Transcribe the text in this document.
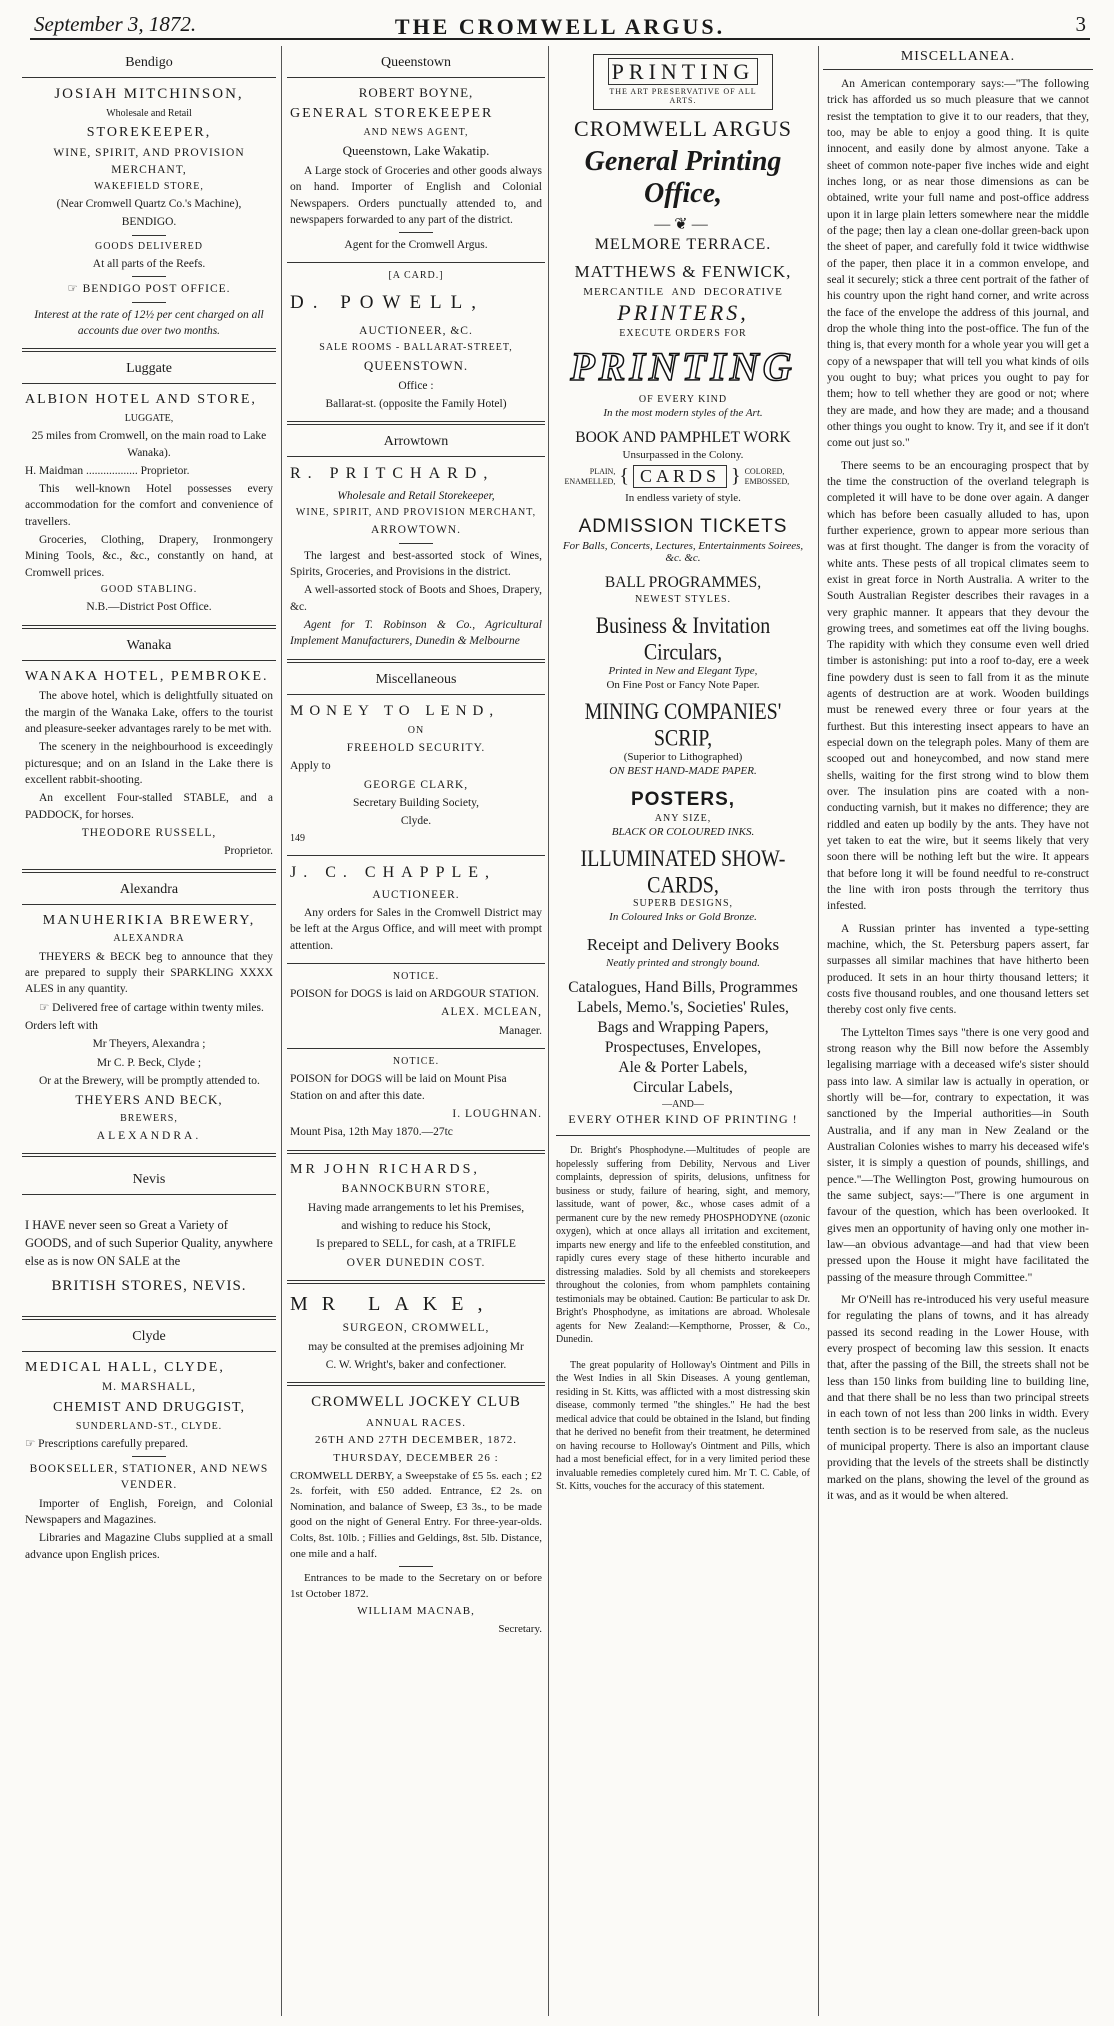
September 3, 1872.	THE CROMWELL ARGUS.	3
Bendigo

JOSIAH MITCHINSON,

Wholesale and Retail

STOREKEEPER,

WINE, SPIRIT, AND PROVISION MERCHANT,

WAKEFIELD STORE,

(Near Cromwell Quartz Co.'s Machine),

BENDIGO.

GOODS DELIVERED

At all parts of the Reefs.

☞ BENDIGO POST OFFICE.

Interest at the rate of 12½ per cent charged on all accounts due over two months.

Luggate

ALBION HOTEL AND STORE,

LUGGATE,

25 miles from Cromwell, on the main road to Lake Wanaka).

H. Maidman .................. Proprietor.

This well-known Hotel possesses every accommodation for the comfort and convenience of travellers.

Groceries, Clothing, Drapery, Ironmongery Mining Tools, &c., &c., constantly on hand, at Cromwell prices.

GOOD STABLING.

N.B.—District Post Office.

Wanaka

WANAKA HOTEL, PEMBROKE.

The above hotel, which is delightfully situated on the margin of the Wanaka Lake, offers to the tourist and pleasure-seeker advantages rarely to be met with.

The scenery in the neighbourhood is exceedingly picturesque; and on an Island in the Lake there is excellent rabbit-shooting.

An excellent Four-stalled STABLE, and a PADDOCK, for horses.

THEODORE RUSSELL,

Proprietor.

Alexandra

MANUHERIKIA BREWERY,

ALEXANDRA

THEYERS & BECK beg to announce that they are prepared to supply their SPARKLING XXXX ALES in any quantity.

☞ Delivered free of cartage within twenty miles.

Orders left with

Mr Theyers, Alexandra ;

Mr C. P. Beck, Clyde ;

Or at the Brewery, will be promptly attended to.

THEYERS AND BECK,

BREWERS,

ALEXANDRA.

Nevis

I HAVE never seen so Great a Variety of GOODS, and of such Superior Quality, anywhere else as is now ON SALE at the

BRITISH STORES, NEVIS.

Clyde

MEDICAL HALL, CLYDE,

M. MARSHALL,

CHEMIST AND DRUGGIST,

SUNDERLAND-ST., CLYDE.

☞ Prescriptions carefully prepared.

BOOKSELLER, STATIONER, AND NEWS VENDER.

Importer of English, Foreign, and Colonial Newspapers and Magazines.

Libraries and Magazine Clubs supplied at a small advance upon English prices.

Queenstown

ROBERT BOYNE,

GENERAL STOREKEEPER

AND NEWS AGENT,

Queenstown, Lake Wakatip.

A Large stock of Groceries and other goods always on hand. Importer of English and Colonial Newspapers. Orders punctually attended to, and newspapers forwarded to any part of the district.

Agent for the Cromwell Argus.

[A CARD.]

D. POWELL,

AUCTIONEER, &C.

SALE ROOMS - BALLARAT-STREET,

QUEENSTOWN.

Office :

Ballarat-st. (opposite the Family Hotel)

Arrowtown

R. PRITCHARD,

Wholesale and Retail Storekeeper,

WINE, SPIRIT, AND PROVISION MERCHANT,

ARROWTOWN.

The largest and best-assorted stock of Wines, Spirits, Groceries, and Provisions in the district.

A well-assorted stock of Boots and Shoes, Drapery, &c.

Agent for T. Robinson & Co., Agricultural Implement Manufacturers, Dunedin & Melbourne

Miscellaneous

MONEY TO LEND,

ON

FREEHOLD SECURITY.

Apply to

GEORGE CLARK,

Secretary Building Society,

Clyde.

149

J. C. CHAPPLE,

AUCTIONEER.

Any orders for Sales in the Cromwell District may be left at the Argus Office, and will meet with prompt attention.

NOTICE.

POISON for DOGS is laid on ARDGOUR STATION.

ALEX. MCLEAN,

Manager.

NOTICE.

POISON for DOGS will be laid on Mount Pisa Station on and after this date.

I. LOUGHNAN.

Mount Pisa, 12th May 1870.—27tc

MR JOHN RICHARDS,

BANNOCKBURN STORE,

Having made arrangements to let his Premises,

and wishing to reduce his Stock,

Is prepared to SELL, for cash, at a TRIFLE

OVER DUNEDIN COST.

MR LAKE,

SURGEON, CROMWELL,

may be consulted at the premises adjoining Mr

C. W. Wright's, baker and confectioner.

CROMWELL JOCKEY CLUB

ANNUAL RACES.

26TH AND 27TH DECEMBER, 1872.

THURSDAY, DECEMBER 26 :

CROMWELL DERBY, a Sweepstake of £5 5s. each ; £2 2s. forfeit, with £50 added. Entrance, £2 2s. on Nomination, and balance of Sweep, £3 3s., to be made good on the night of General Entry. For three-year-olds. Colts, 8st. 10lb. ; Fillies and Geldings, 8st. 5lb. Distance, one mile and a half.

Entrances to be made to the Secretary on or before 1st October 1872.

WILLIAM MACNAB,

Secretary.

PRINTING

THE ART PRESERVATIVE OF ALL ARTS.

CROMWELL ARGUS

General Printing Office,

—❦—

MELMORE TERRACE.

MATTHEWS & FENWICK,

MERCANTILE AND DECORATIVE

PRINTERS,

EXECUTE ORDERS FOR

PRINTING

OF EVERY KIND

In the most modern styles of the Art.

BOOK AND PAMPHLET WORK

Unsurpassed in the Colony.

PLAIN, ENAMELLED, { CARDS } COLORED, EMBOSSED,

In endless variety of style.

ADMISSION TICKETS

For Balls, Concerts, Lectures, Entertainments Soirees, &c. &c.

BALL PROGRAMMES,

NEWEST STYLES.

Business & Invitation Circulars,

Printed in New and Elegant Type,

On Fine Post or Fancy Note Paper.

MINING COMPANIES' SCRIP,

(Superior to Lithographed)

ON BEST HAND-MADE PAPER.

POSTERS,

ANY SIZE,

BLACK OR COLOURED INKS.

ILLUMINATED SHOW-CARDS,

SUPERB DESIGNS,

In Coloured Inks or Gold Bronze.

Receipt and Delivery Books

Neatly printed and strongly bound.

Catalogues, Hand Bills, Programmes

Labels, Memo.'s, Societies' Rules,

Bags and Wrapping Papers,

Prospectuses, Envelopes,

Ale & Porter Labels,

Circular Labels,

—AND—

EVERY OTHER KIND OF PRINTING !

Dr. Bright's Phosphodyne.—Multitudes of people are hopelessly suffering from Debility, Nervous and Liver complaints, depression of spirits, delusions, unfitness for business or study, failure of hearing, sight, and memory, lassitude, want of power, &c., whose cases admit of a permanent cure by the new remedy PHOSPHODYNE (ozonic oxygen), which at once allays all irritation and excitement, imparts new energy and life to the enfeebled constitution, and rapidly cures every stage of these hitherto incurable and distressing maladies. Sold by all chemists and storekeepers throughout the colonies, from whom pamphlets containing testimonials may be obtained. Caution: Be particular to ask Dr. Bright's Phosphodyne, as imitations are abroad. Wholesale agents for New Zealand:—Kempthorne, Prosser, & Co., Dunedin.

The great popularity of Holloway's Ointment and Pills in the West Indies in all Skin Diseases. A young gentleman, residing in St. Kitts, was afflicted with a most distressing skin disease, commonly termed "the shingles." He had the best medical advice that could be obtained in the Island, but finding that he derived no benefit from their treatment, he determined on having recourse to Holloway's Ointment and Pills, which had a most beneficial effect, for in a very limited period these invaluable remedies completely cured him. Mr T. C. Cable, of St. Kitts, vouches for the accuracy of this statement.

MISCELLANEA.

An American contemporary says:—"The following trick has afforded us so much pleasure that we cannot resist the temptation to give it to our readers, that they, too, may be able to enjoy a good thing. It is quite innocent, and easily done by almost anyone. Take a sheet of common note-paper five inches wide and eight inches long, or as near those dimensions as can be obtained, write your full name and post-office address upon it in large plain letters somewhere near the middle of the page; then lay a clean one-dollar green-back upon the sheet of paper, and carefully fold it twice widthwise of the paper, then place it in a common envelope, and seal it securely; stick a three cent portrait of the father of his country upon the right hand corner, and write across the face of the envelope the address of this journal, and drop the whole thing into the post-office. The fun of the thing is, that every month for a whole year you will get a copy of a newspaper that will tell you what kinds of oils you ought to buy; what prices you ought to pay for them; how to tell whether they are good or not; where they are made, and how they are made; and a thousand other things you ought to know. Try it, and see if it don't come out just so."

There seems to be an encouraging prospect that by the time the construction of the overland telegraph is completed it will have to be done over again. A danger which has before been casually alluded to has, upon further experience, grown to appear more serious than was at first thought. The danger is from the voracity of white ants. These pests of all tropical climates seem to exist in great force in North Australia. A writer to the South Australian Register describes their ravages in a very graphic manner. It appears that they devour the growing trees, and sometimes eat off the living boughs. The rapidity with which they consume even well dried timber is astonishing: put into a roof to-day, ere a week fine powdery dust is seen to fall from it as the minute agents of destruction are at work. Wooden buildings must be renewed every three or four years at the furthest. But this interesting insect appears to have an especial down on the telegraph poles. Many of them are scooped out and honeycombed, and now stand mere shells, waiting for the first strong wind to blow them over. The insulation pins are coated with a non-conducting varnish, but it makes no difference; they are riddled and eaten up bodily by the ants. They have not yet taken to eat the wire, but it seems likely that very soon there will be nothing left but the wire. It appears that before long it will be found needful to re-construct the line with iron posts through the territory thus infested.

A Russian printer has invented a type-setting machine, which, the St. Petersburg papers assert, far surpasses all similar machines that have hitherto been produced. It sets in an hour thirty thousand letters; it costs five thousand roubles, and one thousand letters set thereby cost only five cents.

The Lyttelton Times says "there is one very good and strong reason why the Bill now before the Assembly legalising marriage with a deceased wife's sister should pass into law. A similar law is actually in operation, or shortly will be—for, contrary to expectation, it was sanctioned by the Imperial authorities—in South Australia, and if any man in New Zealand or the Australian Colonies wishes to marry his deceased wife's sister, it is simply a question of pounds, shillings, and pence."—The Wellington Post, growing humourous on the same subject, says:—"There is one argument in favour of the question, which has been overlooked. It gives men an opportunity of having only one mother in-law—an obvious advantage—and had that view been pressed upon the House it might have facilitated the passing of the measure through Committee."

Mr O'Neill has re-introduced his very useful measure for regulating the plans of towns, and it has already passed its second reading in the Lower House, with every prospect of becoming law this session. It enacts that, after the passing of the Bill, the streets shall not be less than 150 links from building line to building line, and that there shall be no less than two principal streets in each town of not less than 200 links in width. Every tenth section is to be reserved from sale, as the nucleus of municipal property. There is also an important clause providing that the levels of the streets shall be distinctly marked on the plans, showing the level of the ground as it was, and as it would be when altered.
